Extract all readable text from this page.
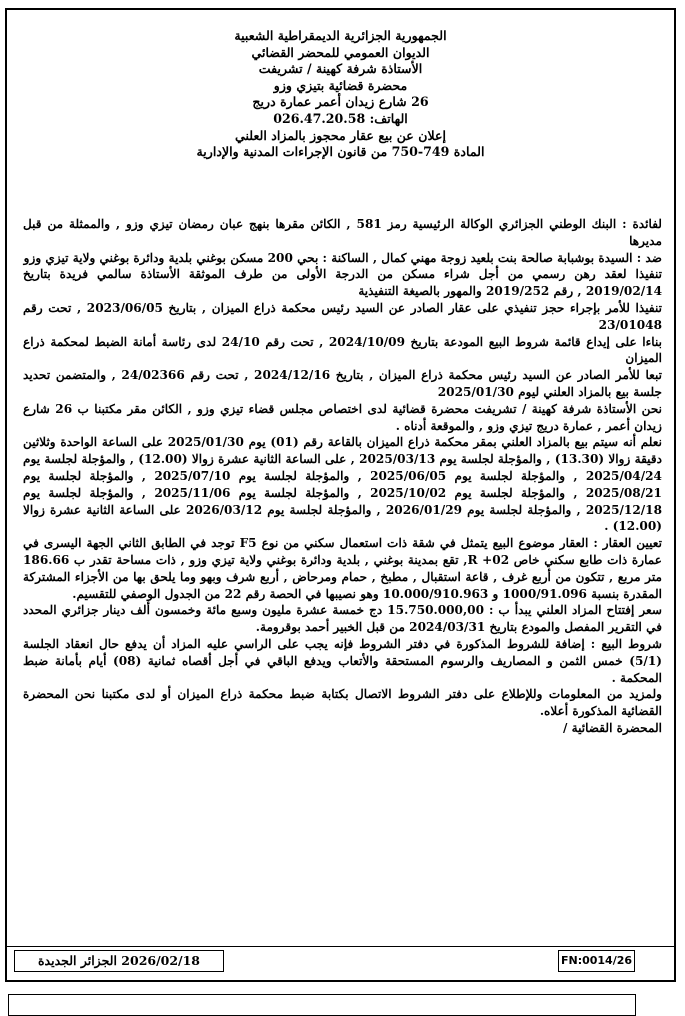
الجمهورية الجزائرية الديمقراطية الشعبية
الديوان العمومي للمحضر القضائي
الأستاذة شرفة كهينة / تشريفت
محضرة قضائية بتيزي وزو
26 شارع زيدان أعمر عمارة دريج
الهاتف: 026.47.20.58
إعلان عن بيع عقار محجوز بالمزاد العلني
المادة 749-750 من قانون الإجراءات المدنية والإدارية

لفائدة : البنك الوطني الجزائري الوكالة الرئيسية رمز 581 , الكائن مقرها بنهج عبان رمضان تيزي وزو , والممثلة من قبل مديرها

ضد : السيدة بوشبابة صالحة بنت بلعيد زوجة مهني كمال , الساكنة : بحي 200 مسكن بوغني بلدية ودائرة بوغني ولاية تيزي وزو

تنفيذا لعقد رهن رسمي من أجل شراء مسكن من الدرجة الأولى من طرف الموثقة الأستاذة سالمي فريدة بتاريخ 2019/02/14 , رقم 2019/252 والمهور بالصيغة التنفيذية

تنفيذا للأمر بإجراء حجز تنفيذي على عقار الصادر عن السيد رئيس محكمة ذراع الميزان , بتاريخ 2023/06/05 , تحت رقم 23/01048

بناءا على إيداع قائمة شروط البيع المودعة بتاريخ 2024/10/09 , تحت رقم 24/10 لدى رئاسة أمانة الضبط لمحكمة ذراع الميزان

تبعا للأمر الصادر عن السيد رئيس محكمة ذراع الميزان , بتاريخ 2024/12/16 , تحت رقم 24/02366 , والمتضمن تحديد جلسة بيع بالمزاد العلني ليوم 2025/01/30

نحن الأستاذة شرفة كهينة / تشريفت محضرة قضائية لدى اختصاص مجلس قضاء تيزي وزو , الكائن مقر مكتبنا ب 26 شارع زيدان أعمر , عمارة دريج تيزي وزو , والموقعة أدناه .

نعلم أنه سيتم بيع بالمزاد العلني بمقر محكمة ذراع الميزان بالقاعة رقم (01) يوم 2025/01/30 على الساعة الواحدة وثلاثين دقيقة زوالا (13.30) , والمؤجلة لجلسة يوم 2025/03/13 , على الساعة الثانية عشرة زوالا (12.00) , والمؤجلة لجلسة يوم 2025/04/24 , والمؤجلة لجلسة يوم 2025/06/05 , والمؤجلة لجلسة يوم 2025/07/10 , والمؤجلة لجلسة يوم 2025/08/21 , والمؤجلة لجلسة يوم 2025/10/02 , والمؤجلة لجلسة يوم 2025/11/06 , والمؤجلة لجلسة يوم 2025/12/18 , والمؤجلة لجلسة يوم 2026/01/29 , والمؤجلة لجلسة يوم 2026/03/12 على الساعة الثانية عشرة زوالا (12.00) .

تعيين العقار : العقار موضوع البيع يتمثل في شقة ذات استعمال سكني من نوع F5 توجد في الطابق الثاني الجهة اليسرى في عمارة ذات طابع سكني خاص R +02, تقع بمدينة بوغني , بلدية ودائرة بوغني ولاية تيزي وزو , ذات مساحة تقدر ب 186.66 متر مربع , تتكون من أربع غرف , قاعة استقبال , مطبخ , حمام ومرحاض , أربع شرف وبهو وما يلحق بها من الأجزاء المشتركة المقدرة بنسبة 1000/91.096 و 10.000/910.963 وهو نصيبها في الحصة رقم 22 من الجدول الوصفي للتقسيم.

سعر إفتتاح المزاد العلني يبدأ ب : 15.750.000,00 دج خمسة عشرة مليون وسبع مائة وخمسون ألف دينار جزائري المحدد في التقرير المفصل والمودع بتاريخ 2024/03/31 من قبل الخبير أحمد بوقرومة.

شروط البيع : إضافة للشروط المذكورة في دفتر الشروط فإنه يجب على الراسي عليه المزاد أن يدفع حال انعقاد الجلسة (5/1) خمس الثمن و المصاريف والرسوم المستحقة والأتعاب ويدفع الباقي في أجل أقصاه ثمانية (08) أيام بأمانة ضبط المحكمة .

ولمزيد من المعلومات وللإطلاع على دفتر الشروط الاتصال بكتابة ضبط محكمة ذراع الميزان أو لدى مكتبنا نحن المحضرة القضائية المذكورة أعلاه.

المحضرة القضائية /

2026/02/18 الجزائر الجديدة	FN:0014/26
